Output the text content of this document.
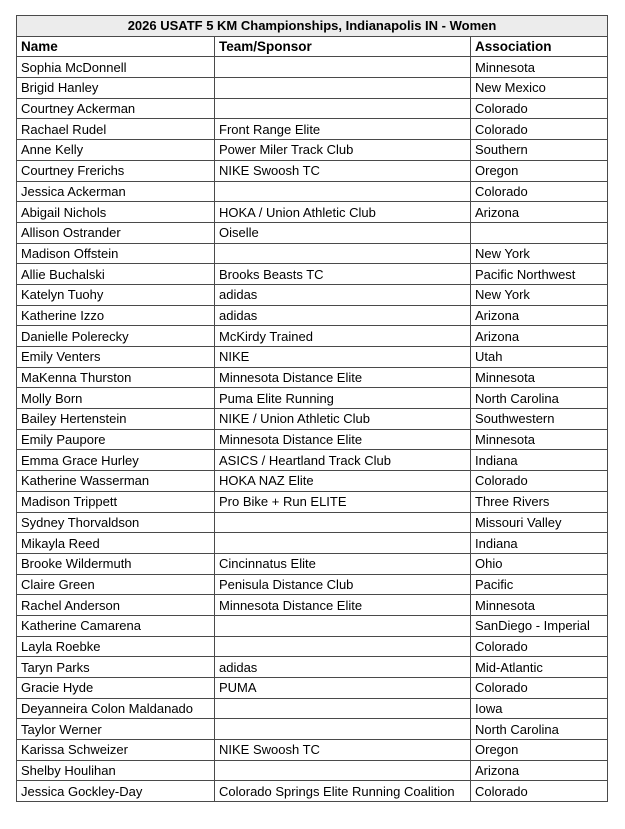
2026 USATF 5 KM Championships, Indianapolis IN - Women		
Name	Team/Sponsor	Association
Sophia McDonnell		Minnesota
Brigid Hanley		New Mexico
Courtney Ackerman		Colorado
Rachael Rudel	Front Range Elite	Colorado
Anne Kelly	Power Miler Track Club	Southern
Courtney Frerichs	NIKE Swoosh TC	Oregon
Jessica Ackerman		Colorado
Abigail Nichols	HOKA / Union Athletic Club	Arizona
Allison Ostrander	Oiselle	
Madison Offstein		New York
Allie Buchalski	Brooks Beasts TC	Pacific Northwest
Katelyn Tuohy	adidas	New York
Katherine Izzo	adidas	Arizona
Danielle Polerecky	McKirdy Trained	Arizona
Emily Venters	NIKE	Utah
MaKenna Thurston	Minnesota Distance Elite	Minnesota
Molly Born	Puma Elite Running	North Carolina
Bailey Hertenstein	NIKE / Union Athletic Club	Southwestern
Emily Paupore	Minnesota Distance Elite	Minnesota
Emma Grace Hurley	ASICS / Heartland Track Club	Indiana
Katherine Wasserman	HOKA NAZ Elite	Colorado
Madison Trippett	Pro Bike + Run ELITE	Three Rivers
Sydney Thorvaldson		Missouri Valley
Mikayla Reed		Indiana
Brooke Wildermuth	Cincinnatus Elite	Ohio
Claire Green	Penisula Distance Club	Pacific
Rachel Anderson	Minnesota Distance Elite	Minnesota
Katherine Camarena		SanDiego - Imperial
Layla Roebke		Colorado
Taryn Parks	adidas	Mid-Atlantic
Gracie Hyde	PUMA	Colorado
Deyanneira Colon Maldanado		Iowa
Taylor Werner		North Carolina
Karissa Schweizer	NIKE Swoosh TC	Oregon
Shelby Houlihan		Arizona
Jessica Gockley-Day	Colorado Springs Elite Running Coalition	Colorado
